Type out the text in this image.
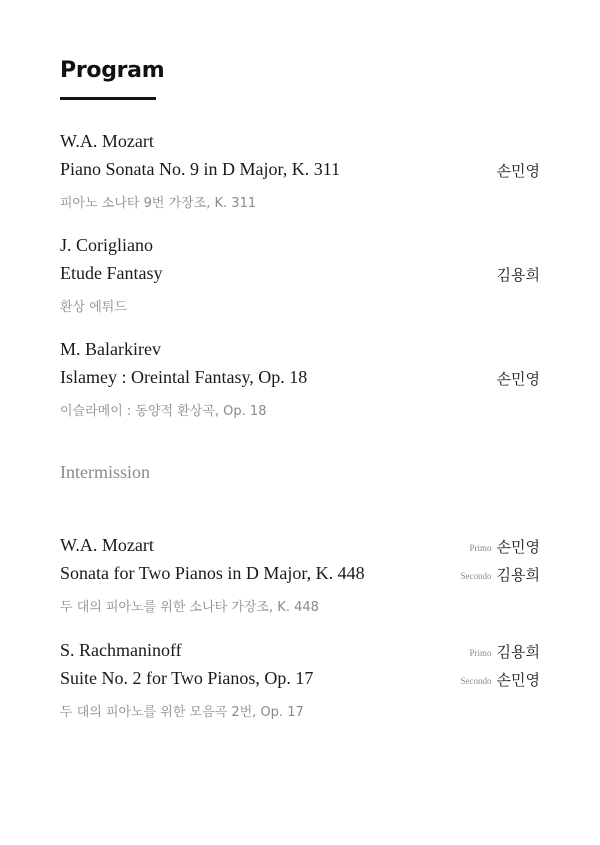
Program
W.A. Mozart
Piano Sonata No. 9 in D Major, K. 311	손민영
피아노 소나타 9번 가장조, K. 311
J. Corigliano
Etude Fantasy	김용희
환상 에튀드
M. Balarkirev
Islamey : Oreintal Fantasy, Op. 18	손민영
이슬라메이 : 동양적 환상곡, Op. 18
Intermission
W.A. Mozart	Primo 손민영
Sonata for Two Pianos in D Major, K. 448	Secondo 김용희
두 대의 피아노를 위한 소나타 가장조, K. 448
S. Rachmaninoff	Primo 김용희
Suite No. 2 for Two Pianos, Op. 17	Secondo 손민영
두 대의 피아노를 위한 모음곡 2번, Op. 17
